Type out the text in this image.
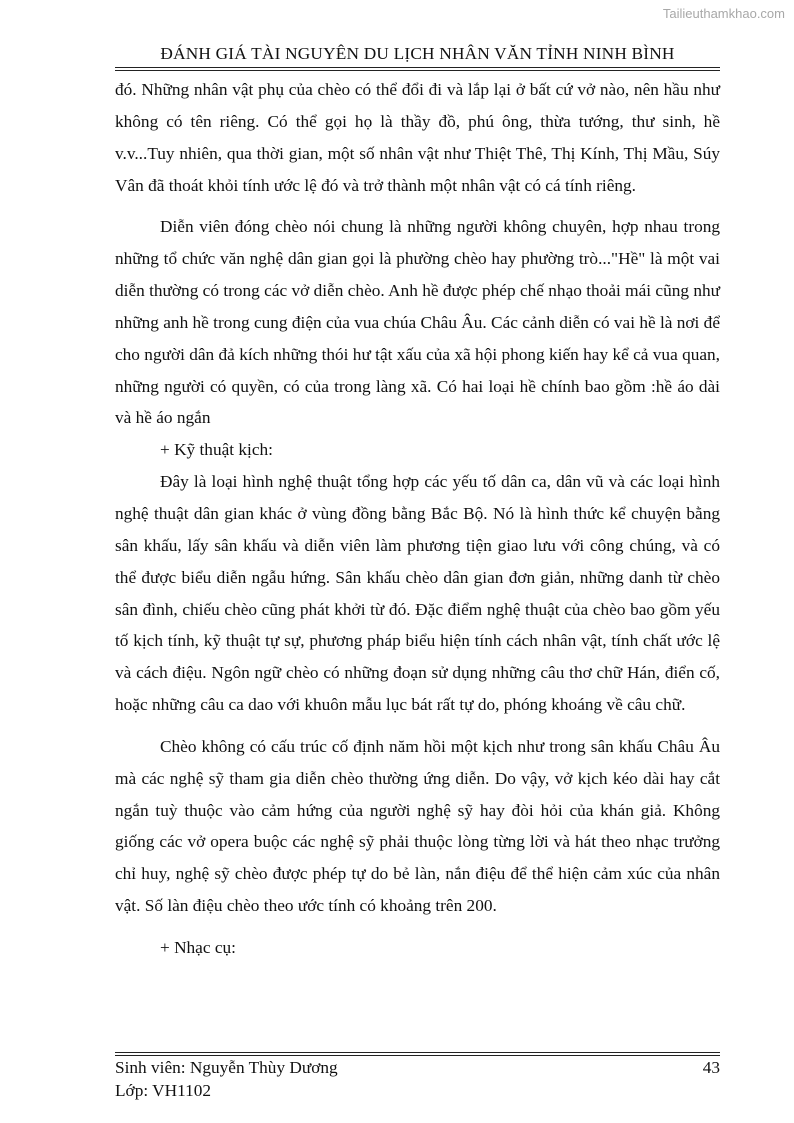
Tailieuthamkhao.com
ĐÁNH GIÁ TÀI NGUYÊN DU LỊCH NHÂN VĂN TỈNH NINH BÌNH

đó. Những nhân vật phụ của chèo có thể đổi đi và lắp lại ở bất cứ vở nào, nên hầu như không có tên riêng. Có thể gọi họ là thầy đồ, phú ông, thừa tướng, thư sinh, hề v.v...Tuy nhiên, qua thời gian, một số nhân vật như Thiệt Thê, Thị Kính, Thị Mầu, Súy Vân đã thoát khỏi tính ước lệ đó và trở thành một nhân vật có cá tính riêng.

Diễn viên đóng chèo nói chung là những người không chuyên, hợp nhau trong những tổ chức văn nghệ dân gian gọi là phường chèo hay phường trò..."Hề" là một vai diễn thường có trong các vở diễn chèo. Anh hề được phép chế nhạo thoải mái cũng như những anh hề trong cung điện của vua chúa Châu Âu. Các cảnh diễn có vai hề là nơi để cho người dân đả kích những thói hư tật xấu của xã hội phong kiến hay kể cả vua quan, những người có quyền, có của trong làng xã. Có hai loại hề chính bao gồm :hề áo dài và hề áo ngắn

+ Kỹ thuật kịch:

Đây là loại hình nghệ thuật tổng hợp các yếu tố dân ca, dân vũ và các loại hình nghệ thuật dân gian khác ở vùng đồng bằng Bắc Bộ. Nó là hình thức kể chuyện bằng sân khấu, lấy sân khấu và diễn viên làm phương tiện giao lưu với công chúng, và có thể được biểu diễn ngẫu hứng. Sân khấu chèo dân gian đơn giản, những danh từ chèo sân đình, chiếu chèo cũng phát khởi từ đó. Đặc điểm nghệ thuật của chèo bao gồm yếu tố kịch tính, kỹ thuật tự sự, phương pháp biểu hiện tính cách nhân vật, tính chất ước lệ và cách điệu. Ngôn ngữ chèo có những đoạn sử dụng những câu thơ chữ Hán, điển cố, hoặc những câu ca dao với khuôn mẫu lục bát rất tự do, phóng khoáng về câu chữ.

Chèo không có cấu trúc cố định năm hồi một kịch như trong sân khấu Châu Âu mà các nghệ sỹ tham gia diễn chèo thường ứng diễn. Do vậy, vở kịch kéo dài hay cắt ngắn tuỳ thuộc vào cảm hứng của người nghệ sỹ hay đòi hỏi của khán giả. Không giống các vở opera buộc các nghệ sỹ phải thuộc lòng từng lời và hát theo nhạc trưởng chỉ huy, nghệ sỹ chèo được phép tự do bẻ làn, nắn điệu để thể hiện cảm xúc của nhân vật. Số làn điệu chèo theo ước tính có khoảng trên 200.

+ Nhạc cụ:

Sinh viên: Nguyễn Thùy Dương
Lớp: VH1102
43
